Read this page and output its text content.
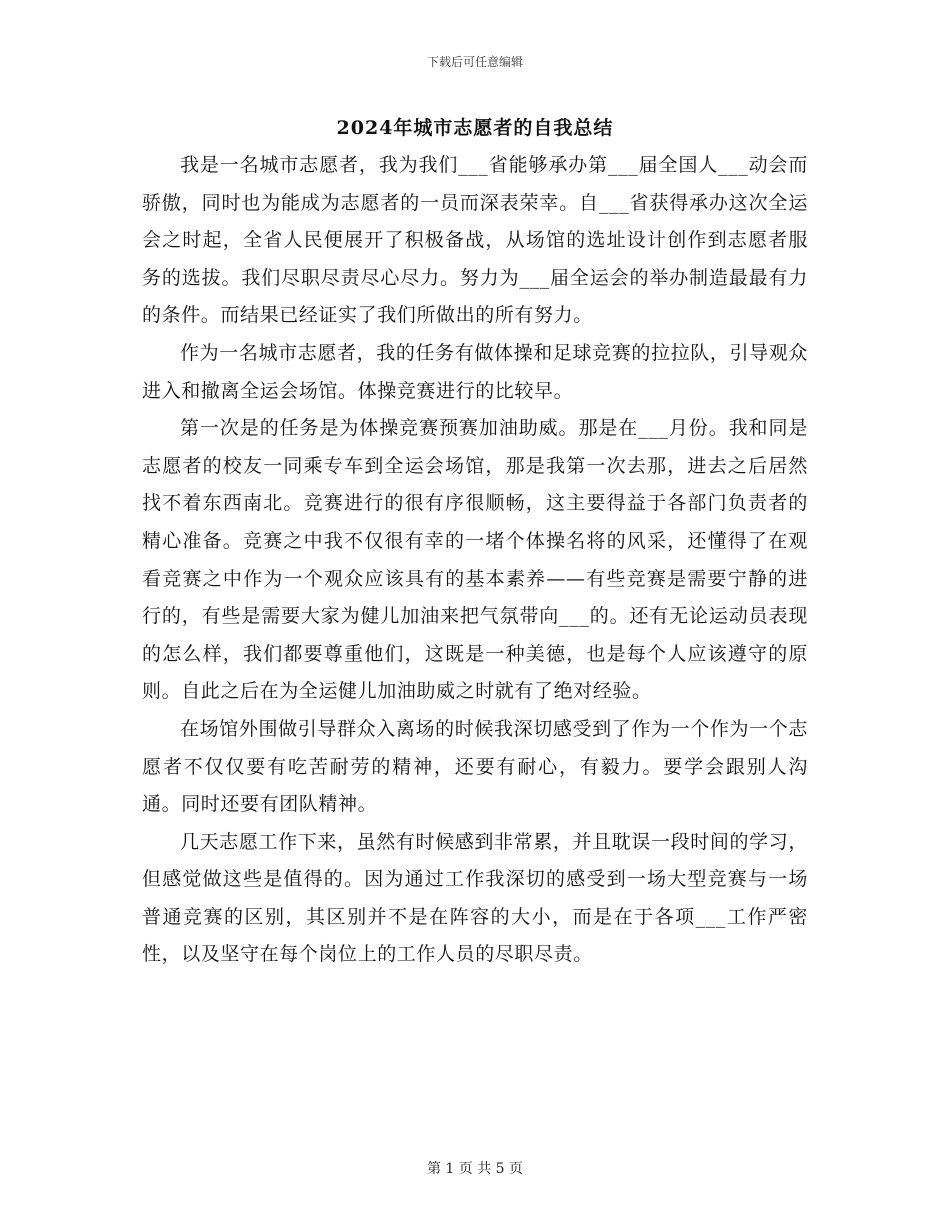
下载后可任意编辑
2024年城市志愿者的自我总结

我是一名城市志愿者，我为我们___省能够承办第___届全国人___动会而骄傲，同时也为能成为志愿者的一员而深表荣幸。自___省获得承办这次全运会之时起，全省人民便展开了积极备战，从场馆的选址设计创作到志愿者服务的选拔。我们尽职尽责尽心尽力。努力为___届全运会的举办制造最最有力的条件。而结果已经证实了我们所做出的所有努力。

作为一名城市志愿者，我的任务有做体操和足球竞赛的拉拉队，引导观众进入和撤离全运会场馆。体操竞赛进行的比较早。

第一次是的任务是为体操竞赛预赛加油助威。那是在___月份。我和同是志愿者的校友一同乘专车到全运会场馆，那是我第一次去那，进去之后居然找不着东西南北。竞赛进行的很有序很顺畅，这主要得益于各部门负责者的精心准备。竞赛之中我不仅很有幸的一堵个体操名将的风采，还懂得了在观看竞赛之中作为一个观众应该具有的基本素养——有些竞赛是需要宁静的进行的，有些是需要大家为健儿加油来把气氛带向___的。还有无论运动员表现的怎么样，我们都要尊重他们，这既是一种美德，也是每个人应该遵守的原则。自此之后在为全运健儿加油助威之时就有了绝对经验。

在场馆外围做引导群众入离场的时候我深切感受到了作为一个作为一个志愿者不仅仅要有吃苦耐劳的精神，还要有耐心，有毅力。要学会跟别人沟通。同时还要有团队精神。

几天志愿工作下来，虽然有时候感到非常累，并且耽误一段时间的学习，但感觉做这些是值得的。因为通过工作我深切的感受到一场大型竞赛与一场普通竞赛的区别，其区别并不是在阵容的大小，而是在于各项___工作严密性，以及坚守在每个岗位上的工作人员的尽职尽责。

第 1 页 共 5 页
